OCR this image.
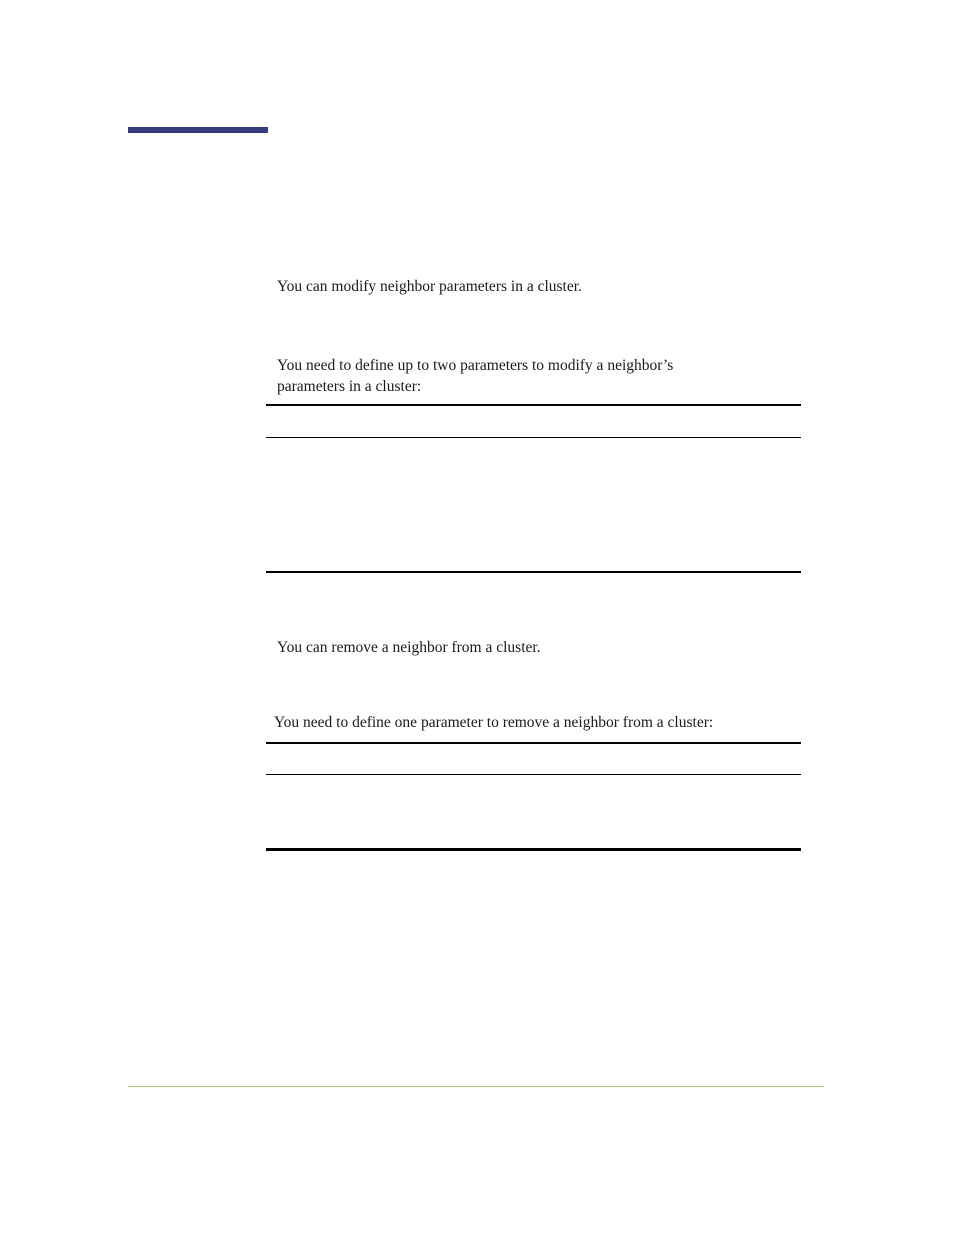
You can modify neighbor parameters in a cluster.

You need to define up to two parameters to modify a neighbor’s

parameters in a cluster:

You can remove a neighbor from a cluster.

You need to define one parameter to remove a neighbor from a cluster:
